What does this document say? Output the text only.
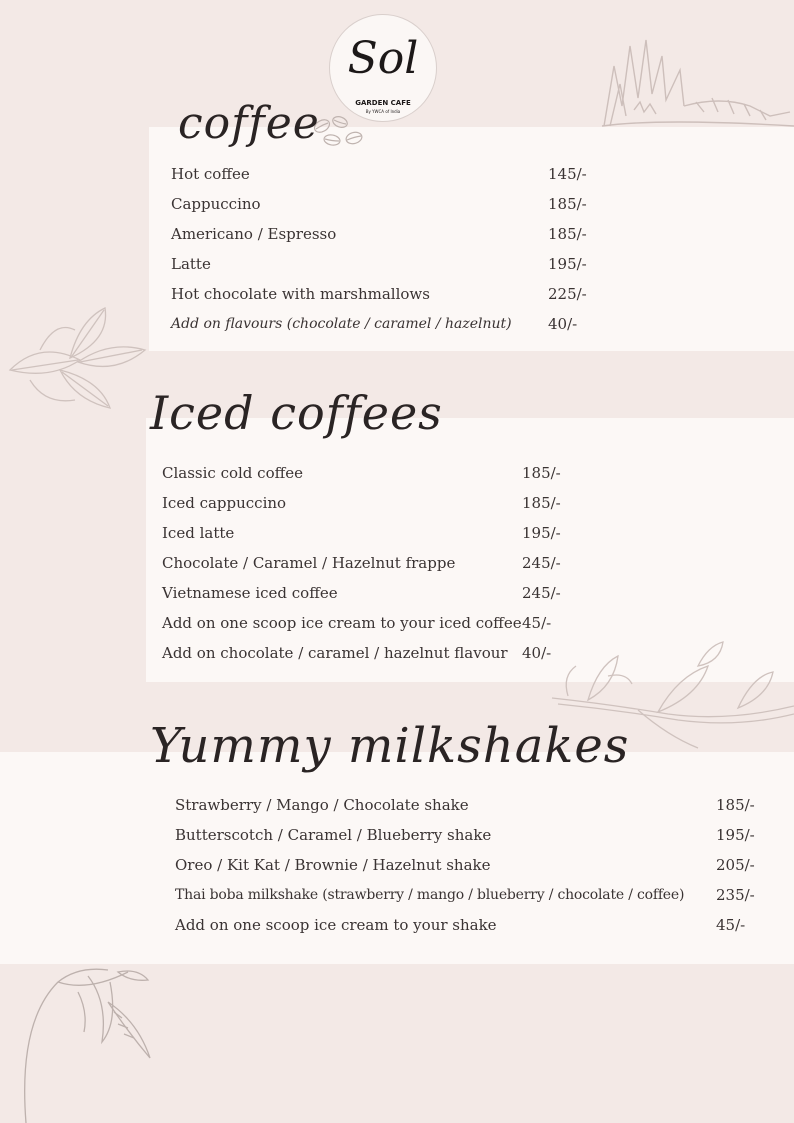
Sol
GARDEN CAFE
By YWCA of India
coffee
Hot coffee	145/-
Cappuccino	185/-
Americano / Espresso	185/-
Latte	195/-
Hot chocolate with marshmallows	225/-
Add on flavours (chocolate / caramel / hazelnut) 40/-
Iced coffees
Classic cold coffee	185/-
Iced cappuccino	185/-
Iced latte	195/-
Chocolate / Caramel / Hazelnut frappe	245/-
Vietnamese iced coffee	245/-
Add on one scoop ice cream to your iced coffee 45/-
Add on chocolate / caramel / hazelnut flavour 40/-
Yummy milkshakes
Strawberry / Mango / Chocolate shake	185/-
Butterscotch / Caramel / Blueberry shake	195/-
Oreo / Kit Kat / Brownie / Hazelnut shake	205/-
Thai boba milkshake (strawberry / mango / blueberry / chocolate / coffee) 235/-
Add on one scoop ice cream to your shake	45/-
